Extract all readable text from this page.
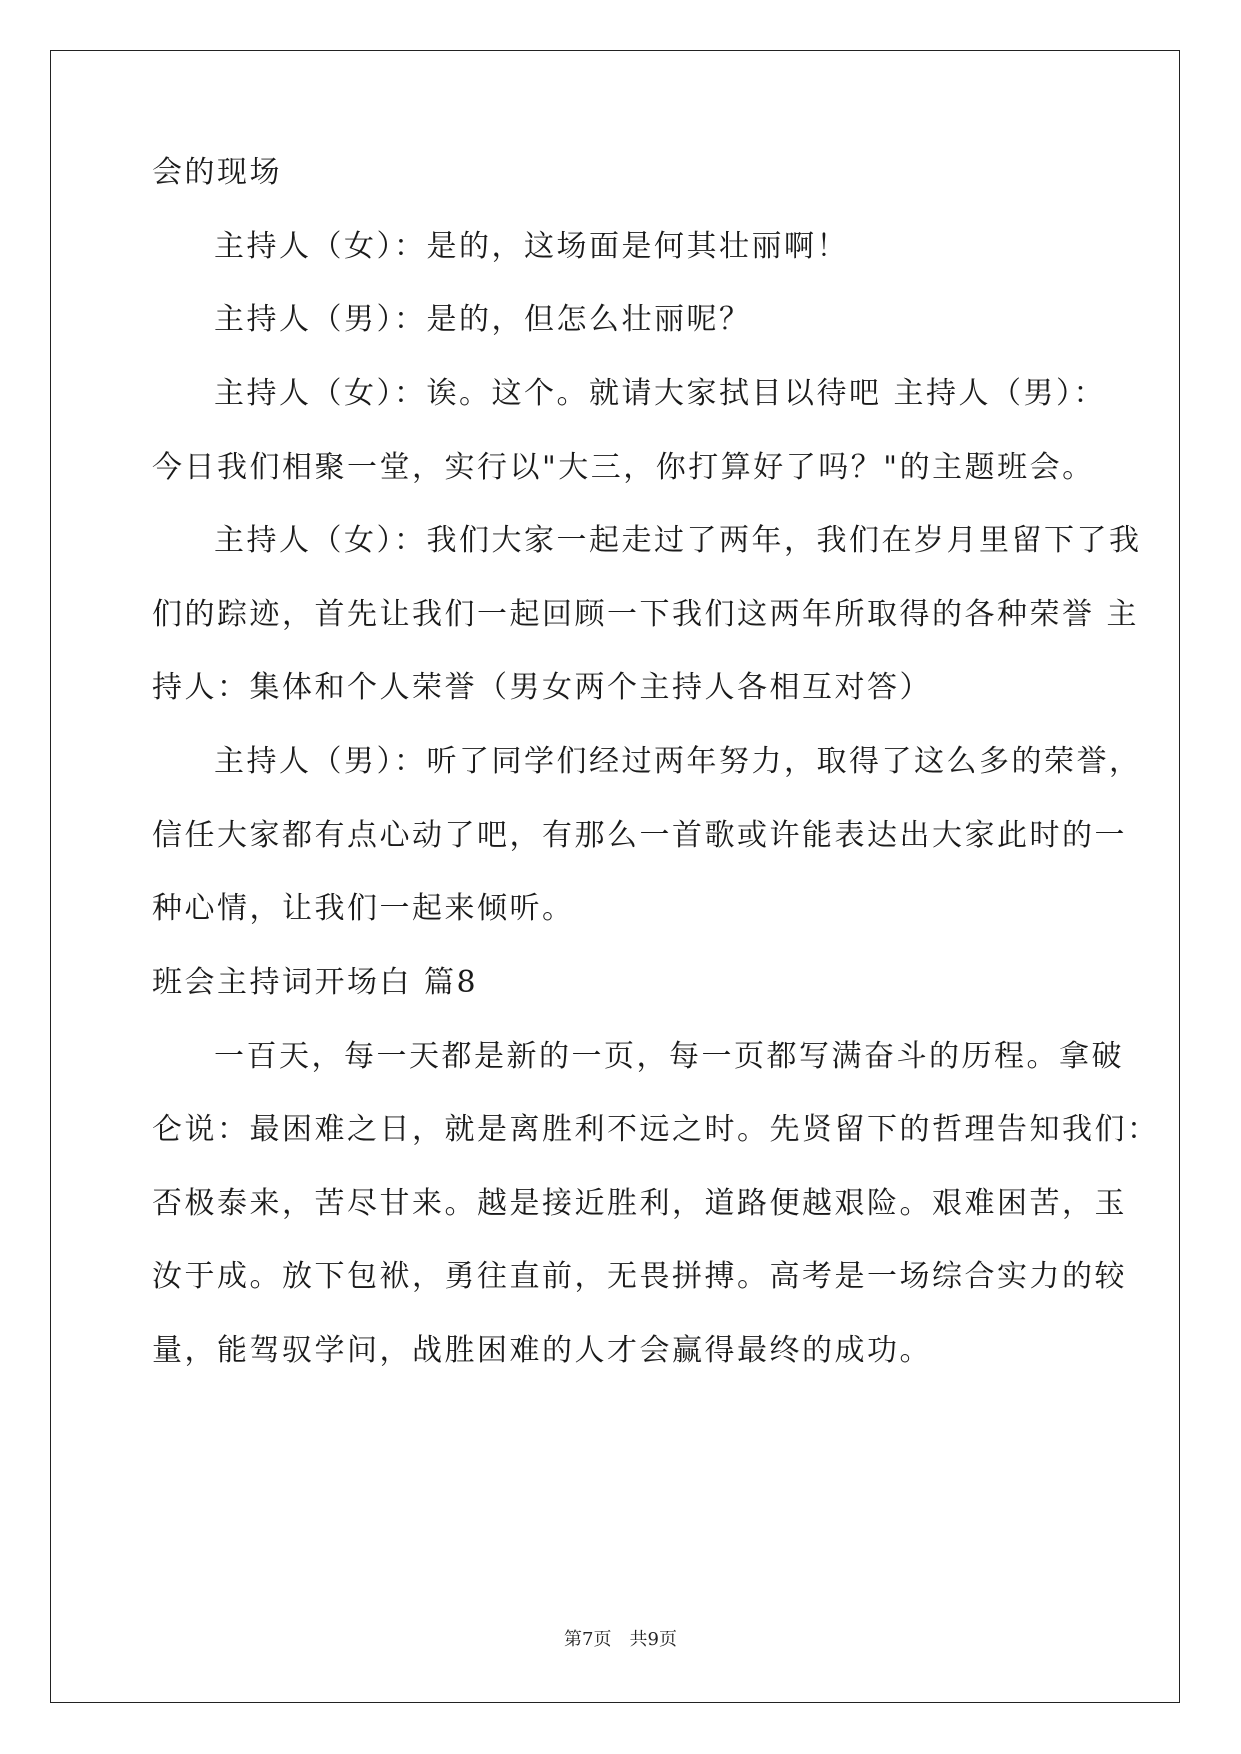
会的现场
主持人（女）：是的，这场面是何其壮丽啊！
主持人（男）：是的，但怎么壮丽呢？
主持人（女）：诶。这个。就请大家拭目以待吧 主持人（男）：
今日我们相聚一堂，实行以"大三，你打算好了吗？"的主题班会。
主持人（女）：我们大家一起走过了两年，我们在岁月里留下了我
们的踪迹，首先让我们一起回顾一下我们这两年所取得的各种荣誉 主
持人：集体和个人荣誉（男女两个主持人各相互对答）
主持人（男）：听了同学们经过两年努力，取得了这么多的荣誉，
信任大家都有点心动了吧，有那么一首歌或许能表达出大家此时的一
种心情，让我们一起来倾听。
班会主持词开场白 篇8
一百天，每一天都是新的一页，每一页都写满奋斗的历程。拿破
仑说：最困难之日，就是离胜利不远之时。先贤留下的哲理告知我们：
否极泰来，苦尽甘来。越是接近胜利，道路便越艰险。艰难困苦，玉
汝于成。放下包袱，勇往直前，无畏拼搏。高考是一场综合实力的较
量，能驾驭学问，战胜困难的人才会赢得最终的成功。
第7页　共9页
